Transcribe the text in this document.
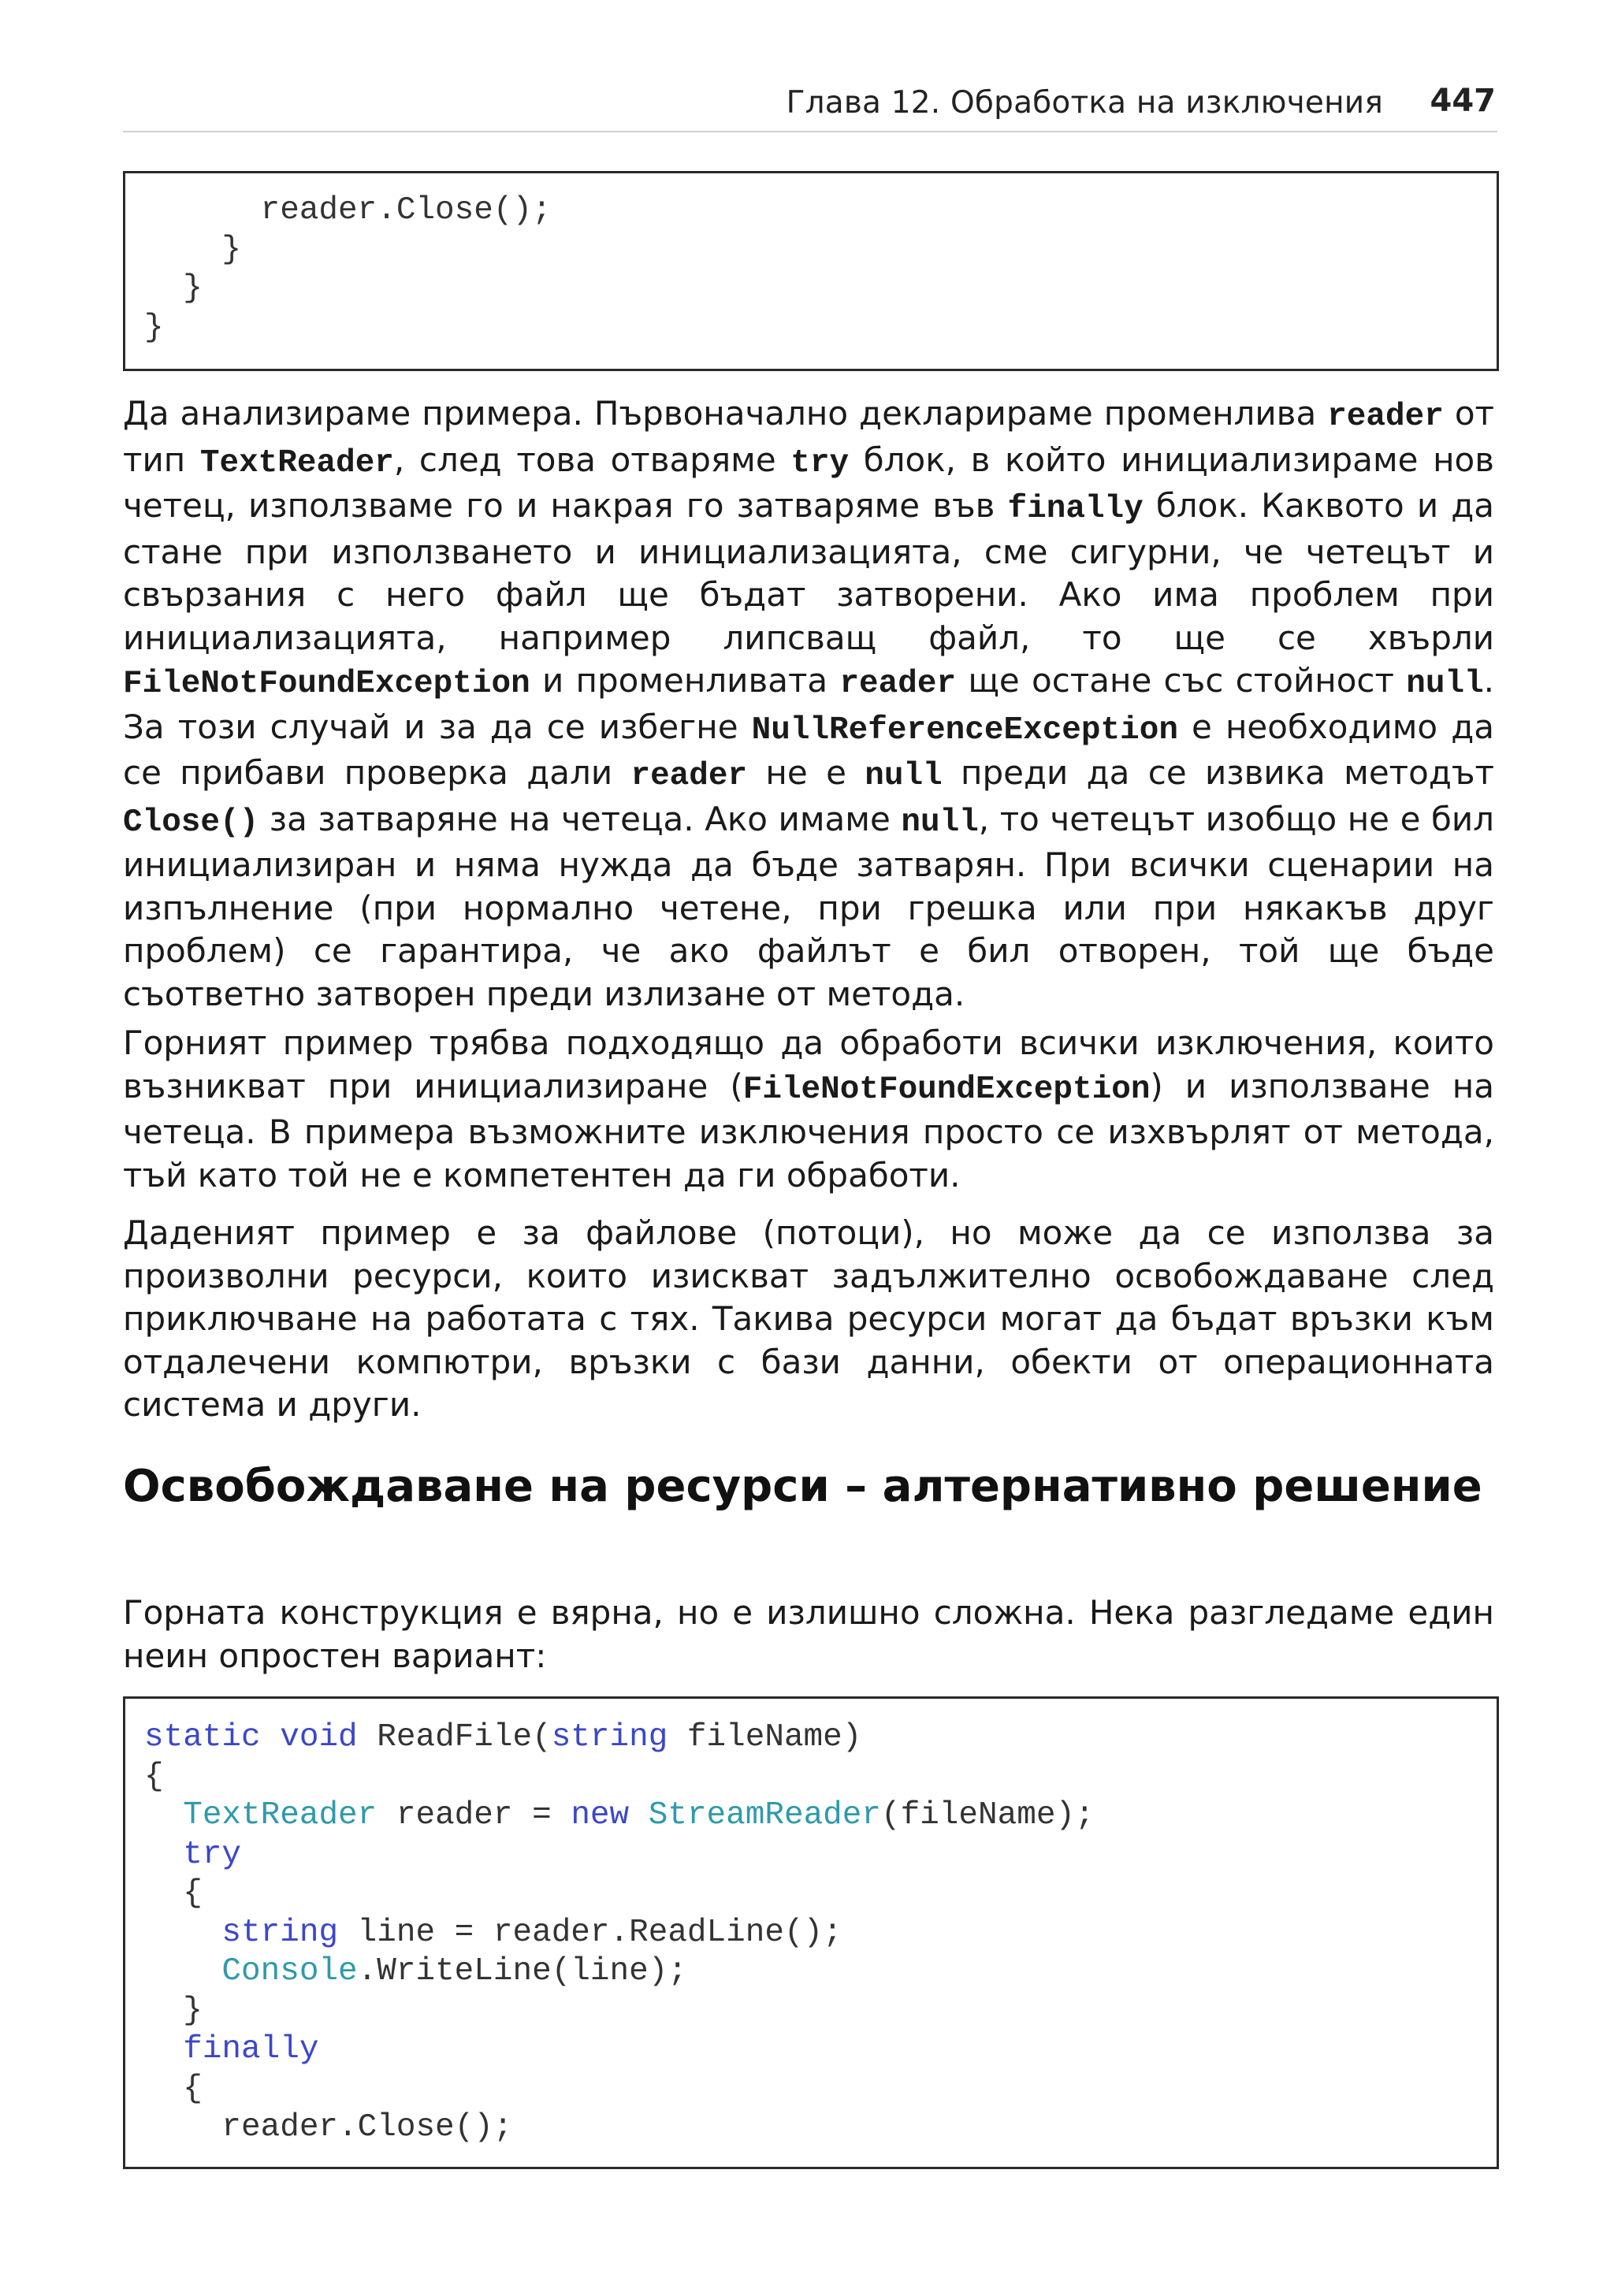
Глава 12. Обработка на изключения 447
reader.Close();
}
}
}

Да анализираме примера. Първоначално декларираме променлива reader от тип TextReader, след това отваряме try блок, в който инициализираме нов четец, използваме го и накрая го затваряме във finally блок. Каквото и да стане при използването и инициализацията, сме сигурни, че четецът и свързания с него файл ще бъдат затворени. Ако има проблем при инициализацията, например липсващ файл, то ще се хвърли FileNotFoundException и променливата reader ще остане със стойност null. За този случай и за да се избегне NullReferenceException е необходимо да се прибави проверка дали reader не е null преди да се извика методът Close() за затваряне на четеца. Ако имаме null, то четецът изобщо не е бил инициализиран и няма нужда да бъде затварян. При всички сценарии на изпълнение (при нормално четене, при грешка или при някакъв друг проблем) се гарантира, че ако файлът е бил отворен, той ще бъде съответно затворен преди излизане от метода.

Горният пример трябва подходящо да обработи всички изключения, които възникват при инициализиране (FileNotFoundException) и използване на четеца. В примера възможните изключения просто се изхвърлят от метода, тъй като той не е компетентен да ги обработи.

Даденият пример е за файлове (потоци), но може да се използва за произволни ресурси, които изискват задължително освобождаване след приключване на работата с тях. Такива ресурси могат да бъдат връзки към отдалечени компютри, връзки с бази данни, обекти от операционната система и други.

Освобождаване на ресурси – алтернативно решение

Горната конструкция е вярна, но е излишно сложна. Нека разгледаме един неин опростен вариант:

static void ReadFile(string fileName)
{
TextReader reader = new StreamReader(fileName);
try
{
string line = reader.ReadLine();
Console.WriteLine(line);
}
finally
{
reader.Close();
